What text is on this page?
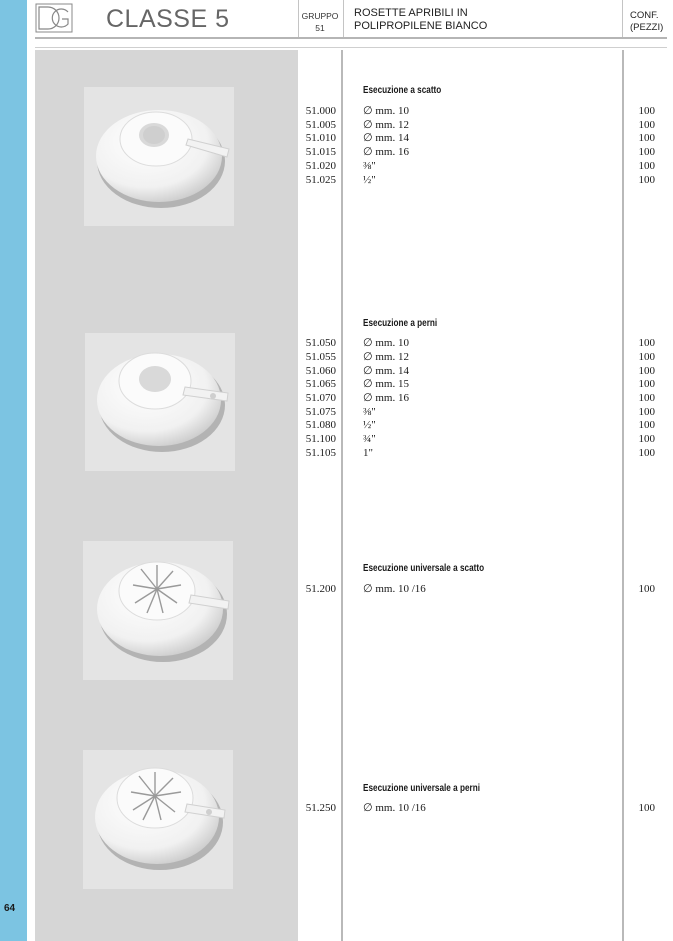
64
CLASSE 5	GRUPPO
51
ROSETTE APRIBILI IN
POLIPROPILENE BIANCO
CONF.
(PEZZI)
Esecuzione a scatto
51.000 ∅ mm. 10	100
51.005 ∅ mm. 12	100
51.010 ∅ mm. 14	100
51.015 ∅ mm. 16	100
51.020 ⅜"	100
51.025 ½"	100
Esecuzione a perni
51.050 ∅ mm. 10	100
51.055 ∅ mm. 12	100
51.060 ∅ mm. 14	100
51.065 ∅ mm. 15	100
51.070 ∅ mm. 16	100
51.075 ⅜"	100
51.080 ½"	100
51.100 ¾"	100
51.105 1"	100
Esecuzione universale a scatto
51.200 ∅ mm. 10 /16	100
Esecuzione universale a perni
51.250 ∅ mm. 10 /16	100
